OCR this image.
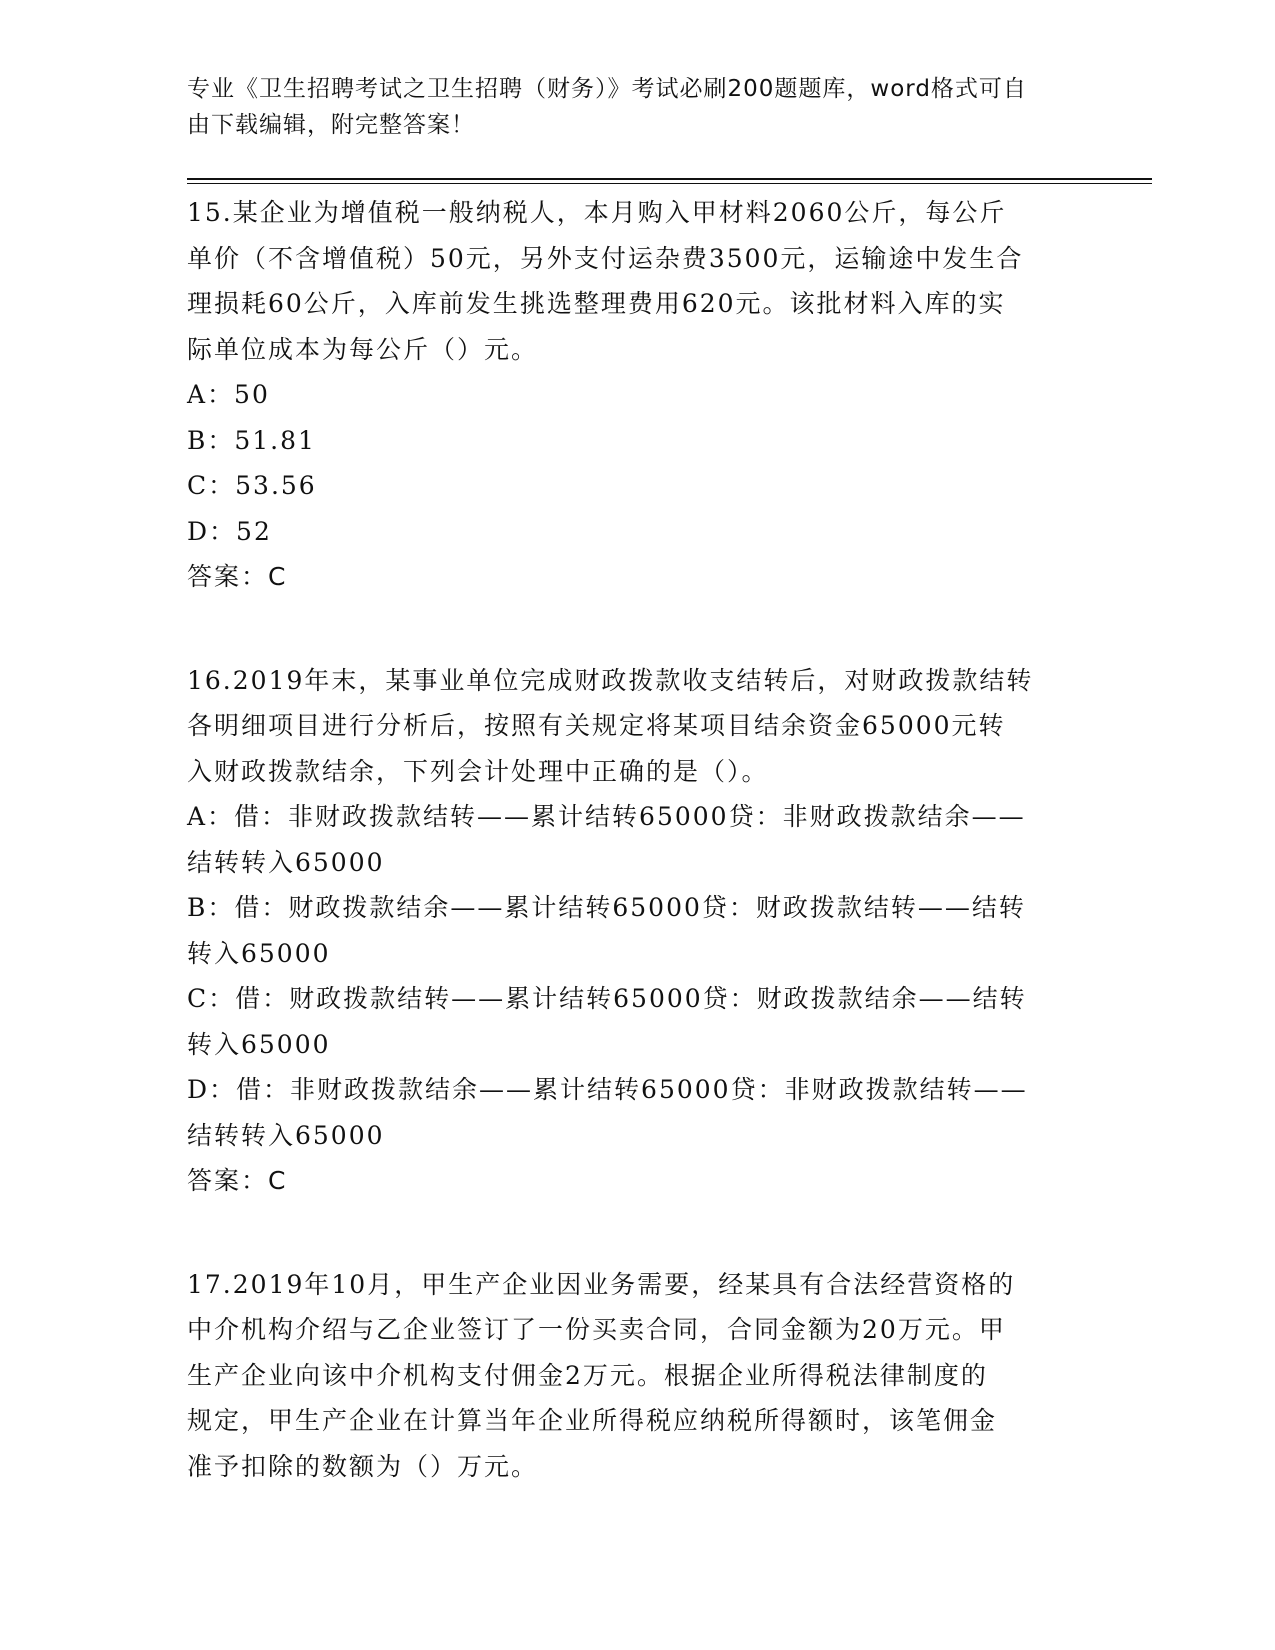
专业《卫生招聘考试之卫生招聘（财务）》考试必刷200题题库，word格式可自
由下载编辑，附完整答案！
15.某企业为增值税一般纳税人，本月购入甲材料2060公斤，每公斤
单价（不含增值税）50元，另外支付运杂费3500元，运输途中发生合
理损耗60公斤，入库前发生挑选整理费用620元。该批材料入库的实
际单位成本为每公斤（）元。
A：50
B：51.81
C：53.56
D：52
答案：C
16.2019年末，某事业单位完成财政拨款收支结转后，对财政拨款结转
各明细项目进行分析后，按照有关规定将某项目结余资金65000元转
入财政拨款结余，下列会计处理中正确的是（）。
A：借：非财政拨款结转——累计结转65000贷：非财政拨款结余——
结转转入65000
B：借：财政拨款结余——累计结转65000贷：财政拨款结转——结转
转入65000
C：借：财政拨款结转——累计结转65000贷：财政拨款结余——结转
转入65000
D：借：非财政拨款结余——累计结转65000贷：非财政拨款结转——
结转转入65000
答案：C
17.2019年10月，甲生产企业因业务需要，经某具有合法经营资格的
中介机构介绍与乙企业签订了一份买卖合同，合同金额为20万元。甲
生产企业向该中介机构支付佣金2万元。根据企业所得税法律制度的
规定，甲生产企业在计算当年企业所得税应纳税所得额时，该笔佣金
准予扣除的数额为（）万元。
